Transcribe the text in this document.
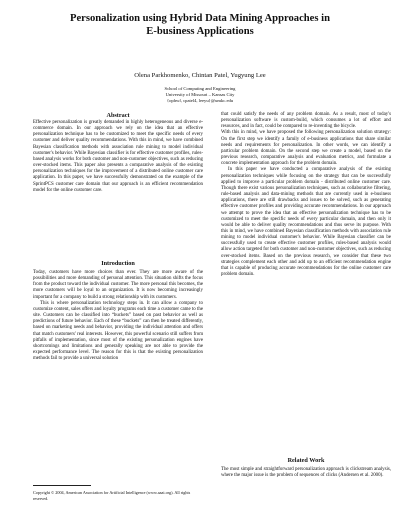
Personalization using Hybrid Data Mining Approaches in
E-business Applications
Olena Parkhomenko, Chintan Patel, Yugyung Lee
School of Computing and Engineering
University of Missouri – Kansas City
{ophwf, cpatel4, leeyu}@umkc.edu
Abstract

Effective personalization is greatly demanded in highly heterogeneous and diverse e-commerce domain. In our approach we rely on the idea that an effective personalization technique has to be customized to meet the specific needs of every customer and deliver quality recommendations. With this in mind, we have combined Bayesian classification methods with association rule mining to model individual customer's behavior. While Bayesian classifier is for effective customer profiles, rules-based analysis works for both customer and non-customer objectives, such as reducing over-stocked items. This paper also presents a comparative analysis of the existing personalization techniques for the improvement of a distributed online customer care application. In this paper, we have successfully demonstrated on the example of the SprintPCS customer care domain that our approach is an efficient recommendation model for the online customer care.

Introduction

Today, customers have more choices than ever. They are more aware of the possibilities and more demanding of personal attention. This situation shifts the focus from the product toward the individual customer. The more personal this becomes, the more customers will be loyal to an organization. It is now becoming increasingly important for a company to build a strong relationship with its customers.

This is where personalization technology steps in. It can allow a company to customize content, sales offers and loyalty programs each time a customer came to the site. Customers can be classified into “buckets” based on past behavior as well as predictions of future behavior. Each of these “buckets” can then be treated differently, based on marketing needs and behavior, providing the individual attention and offers that match customers' real interests. However, this powerful scenario still suffers from pitfalls of implementation, since most of the existing personalization engines have shortcomings and limitations and generally speaking are not able to provide the expected performance level. The reason for this is that the existing personalization methods fail to provide a universal solution

Copyright © 2004, American Association for Artificial Intelligence (www.aaai.org). All rights reserved.

that could satisfy the needs of any problem domain. As a result, most of today's personalization software is custom-build, which consumes a lot of effort and resources, and in fact, could be compared to re-inventing the bicycle.

With this in mind, we have proposed the following personalization solution strategy: On the first step we identify a family of e-business applications that share similar needs and requirements for personalization. In other words, we can identify a particular problem domain. On the second step we create a model, based on the previous research, comparative analysis and evaluation metrics, and formulate a concrete implementation approach for the problem domain.

In this paper we have conducted a comparative analysis of the existing personalization techniques while focusing on the strategy that can be successfully applied to improve a particular problem domain - distributed online customer care. Though there exist various personalization techniques, such as collaborative filtering, rule-based analysis and data-mining methods that are currently used in e-business applications, there are still drawbacks and issues to be solved, such as generating effective customer profiles and providing accurate recommendations. In our approach we attempt to prove the idea that an effective personalization technique has to be customized to meet the specific needs of every particular domain, and then only it would be able to deliver quality recommendations and thus serve its purpose. With this in mind, we have combined Bayesian classification methods with association rule mining to model individual customer's behavior. While Bayesian classifier can be successfully used to create effective customer profiles, rules-based analysis would allow action targeted for both customer and non-customer objectives, such as reducing over-stocked items. Based on the previous research, we consider that these two strategies complement each other and add up to an efficient recommendation engine that is capable of producing accurate recommendations for the online customer care problem domain.

Related Work

The most simple and straightforward personalization approach is clickstream analysis, where the major issue is the problem of sequences of clicks (Andersen et al. 2000).
